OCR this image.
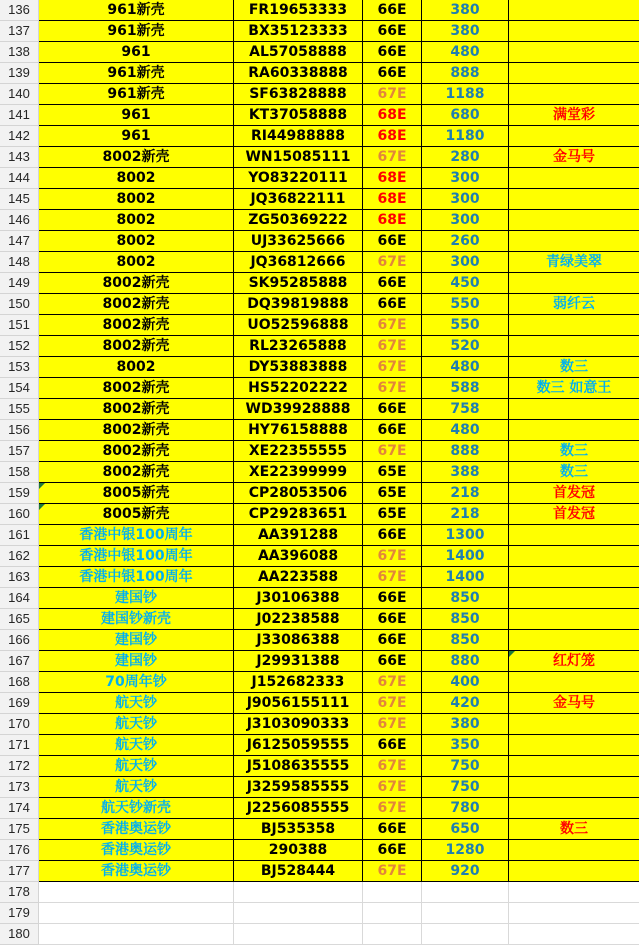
136	961新壳	FR19653333	66E	380
137	961新壳	BX35123333	66E	380
138	961	AL57058888	66E	480
139	961新壳	RA60338888	66E	888
140	961新壳	SF63828888	67E	1188
141	961	KT37058888	68E	680	满堂彩
142	961	RI44988888	68E	1180
143	8002新壳	WN15085111	67E	280	金马号
144	8002	YO83220111	68E	300
145	8002	JQ36822111	68E	300
146	8002	ZG50369222	68E	300
147	8002	UJ33625666	66E	260
148	8002	JQ36812666	67E	300	青绿美翠
149	8002新壳	SK95285888	66E	450
150	8002新壳	DQ39819888	66E	550	弱纤云
151	8002新壳	UO52596888	67E	550
152	8002新壳	RL23265888	67E	520
153	8002	DY53883888	67E	480	数三
154	8002新壳	HS52202222	67E	588	数三 如意王
155	8002新壳	WD39928888	66E	758
156	8002新壳	HY76158888	66E	480
157	8002新壳	XE22355555	67E	888	数三
158	8002新壳	XE22399999	65E	388	数三
159	8005新壳	CP28053506	65E	218	首发冠
160	8005新壳	CP29283651	65E	218	首发冠
161	香港中银100周年	AA391288	66E	1300
162	香港中银100周年	AA396088	67E	1400
163	香港中银100周年	AA223588	67E	1400
164	建国钞	J30106388	66E	850
165	建国钞新壳	J02238588	66E	850
166	建国钞	J33086388	66E	850
167	建国钞	J29931388	66E	880	红灯笼
168	70周年钞	J152682333	67E	400
169	航天钞	J9056155111	67E	420	金马号
170	航天钞	J3103090333	67E	380
171	航天钞	J6125059555	66E	350
172	航天钞	J5108635555	67E	750
173	航天钞	J3259585555	67E	750
174	航天钞新壳	J2256085555	67E	780
175	香港奥运钞	BJ535358	66E	650	数三
176	香港奥运钞	290388	66E	1280
177	香港奥运钞	BJ528444	67E	920
178
179
180
